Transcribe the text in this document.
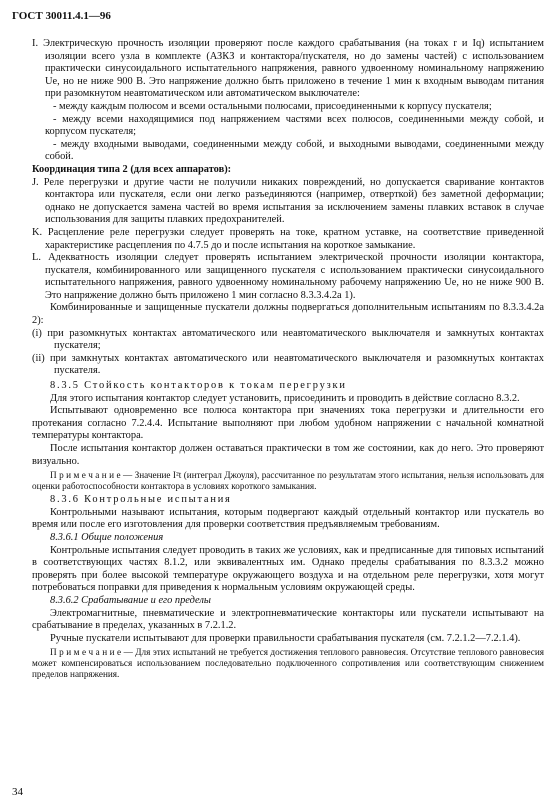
ГОСТ 30011.4.1—96

I. Электрическую прочность изоляции проверяют после каждого срабатывания (на токах r и Iq) испытанием изоляции всего узла в комплекте (АЗКЗ и контактора/пускателя, но до замены частей) с использованием практически синусоидального испытательного напряжения, равного удвоенному номинальному напряжению Ue, но не ниже 900 В. Это напряжение должно быть приложено в течение 1 мин к входным выводам питания при разомкнутом неавтоматическом или автоматическом выключателе:

- между каждым полюсом и всеми остальными полюсами, присоединенными к корпусу пускателя;

- между всеми находящимися под напряжением частями всех полюсов, соединенными между собой, и корпусом пускателя;

- между входными выводами, соединенными между собой, и выходными выводами, соединенными между собой.

Координация типа 2 (для всех аппаратов):

J. Реле перегрузки и другие части не получили никаких повреждений, но допускается сваривание контактов контактора или пускателя, если они легко разъединяются (например, отверткой) без заметной деформации; однако не допускается замена частей во время испытания за исключением замены плавких вставок в случае использования для защиты плавких предохранителей.

K. Расцепление реле перегрузки следует проверять на токе, кратном уставке, на соответствие приведенной характеристике расцепления по 4.7.5 до и после испытания на короткое замыкание.

L. Адекватность изоляции следует проверять испытанием электрической прочности изоляции контактора, пускателя, комбинированного или защищенного пускателя с использованием практически синусоидального испытательного напряжения, равного удвоенному номинальному рабочему напряжению Ue, но не ниже 900 В. Это напряжение должно быть приложено 1 мин согласно 8.3.3.4.2а 1).

Комбинированные и защищенные пускатели должны подвергаться дополнительным испытаниям по 8.3.3.4.2а 2):

(i) при разомкнутых контактах автоматического или неавтоматического выключателя и замкнутых контактах пускателя;

(ii) при замкнутых контактах автоматического или неавтоматического выключателя и разомкнутых контактах пускателя.

8.3.5 Стойкость контакторов к токам перегрузки

Для этого испытания контактор следует установить, присоединить и проводить в действие согласно 8.3.2.

Испытывают одновременно все полюса контактора при значениях тока перегрузки и длительности его протекания согласно 7.2.4.4. Испытание выполняют при любом удобном напряжении с начальной комнатной температуры контактора.

После испытания контактор должен оставаться практически в том же состоянии, как до него. Это проверяют визуально.

П р и м е ч а н и е — Значение I²t (интеграл Джоуля), рассчитанное по результатам этого испытания, нельзя использовать для оценки работоспособности контактора в условиях короткого замыкания.

8.3.6 Контрольные испытания

Контрольными называют испытания, которым подвергают каждый отдельный контактор или пускатель во время или после его изготовления для проверки соответствия предъявляемым требованиям.

8.3.6.1 Общие положения

Контрольные испытания следует проводить в таких же условиях, как и предписанные для типовых испытаний в соответствующих частях 8.1.2, или эквивалентных им. Однако пределы срабатывания по 8.3.3.2 можно проверять при более высокой температуре окружающего воздуха и на отдельном реле перегрузки, хотя могут потребоваться поправки для приведения к нормальным условиям окружающей среды.

8.3.6.2 Срабатывание и его пределы

Электромагнитные, пневматические и электропневматические контакторы или пускатели испытывают на срабатывание в пределах, указанных в 7.2.1.2.

Ручные пускатели испытывают для проверки правильности срабатывания пускателя (см. 7.2.1.2—7.2.1.4).

П р и м е ч а н и е — Для этих испытаний не требуется достижения теплового равновесия. Отсутствие теплового равновесия может компенсироваться использованием последовательно подключенного сопротивления или соответствующим снижением пределов напряжения.

34
